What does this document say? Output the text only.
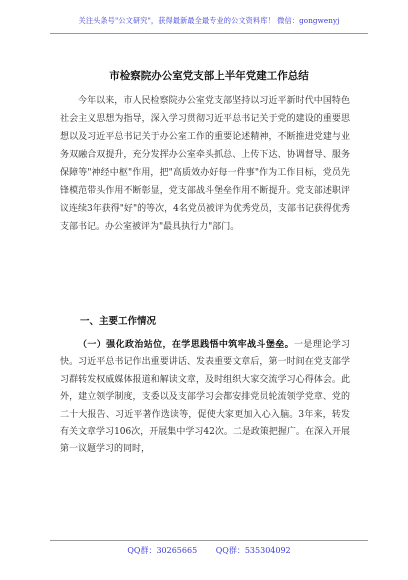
关注头条号"公文研究"，获得最新最全最专业的公文资料库！ 微信：gongwenyj
市检察院办公室党支部上半年党建工作总结

今年以来，市人民检察院办公室党支部坚持以习近平新时代中国特色社会主义思想为指导，深入学习贯彻习近平总书记关于党的建设的重要思想以及习近平总书记关于办公室工作的重要论述精神，不断推进党建与业务双融合双提升，充分发挥办公室牵头抓总、上传下达、协调督导、服务保障等"神经中枢"作用，把"高质效办好每一件事"作为工作目标，党员先锋模范带头作用不断彰显，党支部战斗堡垒作用不断提升。党支部述职评议连续3年获得"好"的等次，4名党员被评为优秀党员，支部书记获得优秀支部书记。办公室被评为"最具执行力"部门。

一、主要工作情况

（一）强化政治站位，在学思践悟中筑牢战斗堡垒。一是理论学习快。习近平总书记作出重要讲话、发表重要文章后，第一时间在党支部学习群转发权威媒体报道和解读文章，及时组织大家交流学习心得体会。此外，建立领学制度，支委以及支部学习会都安排党员轮流领学党章、党的二十大报告、习近平著作选读等，促使大家更加入心入脑。3年来，转发有关文章学习106次，开展集中学习42次。二是政策把握广。在深入开展第一议题学习的同时，

QQ群：30265665 QQ群：535304092
